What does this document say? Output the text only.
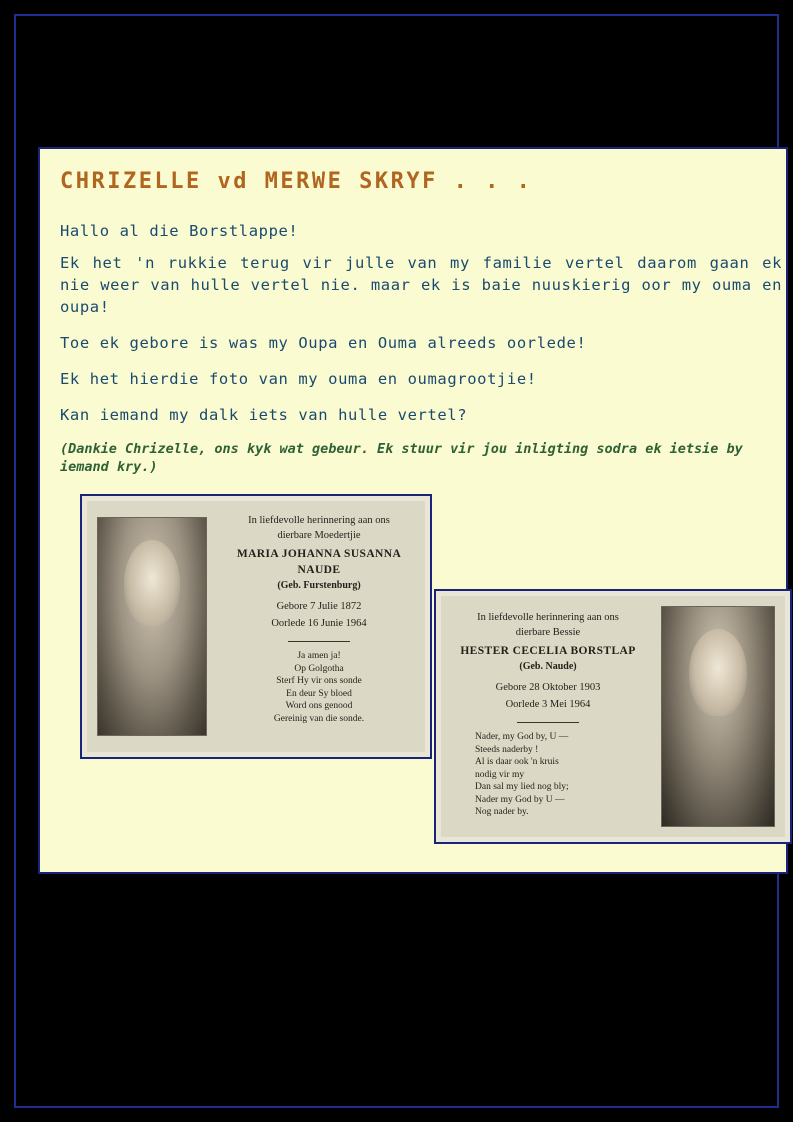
CHRIZELLE vd MERWE SKRYF . . .
Hallo al die Borstlappe!
Ek het 'n rukkie terug vir julle van my familie vertel daarom gaan ek nie weer van hulle vertel nie. maar ek is baie nuuskierig oor my ouma en oupa!
Toe ek gebore is was my Oupa en Ouma alreeds oorlede!
Ek het hierdie foto van my ouma en oumagrootjie!
Kan iemand my dalk iets van hulle vertel?
(Dankie Chrizelle, ons kyk wat gebeur. Ek stuur vir jou inligting sodra ek ietsie by iemand kry.)
In liefdevolle herinnering aan ons
dierbare Moedertjie
MARIA JOHANNA SUSANNA NAUDE
(Geb. Furstenburg)
Gebore 7 Julie 1872
Oorlede 16 Junie 1964
Ja amen ja!
Op Golgotha
Sterf Hy vir ons sonde
En deur Sy bloed
Word ons genood
Gereinig van die sonde.
In liefdevolle herinnering aan ons
dierbare Bessie
HESTER CECELIA BORSTLAP
(Geb. Naude)
Gebore 28 Oktober 1903
Oorlede 3 Mei 1964
Nader, my God by, U —
Steeds naderby !
Al is daar ook 'n kruis
nodig vir my
Dan sal my lied nog bly;
Nader my God by U —
Nog nader by.
